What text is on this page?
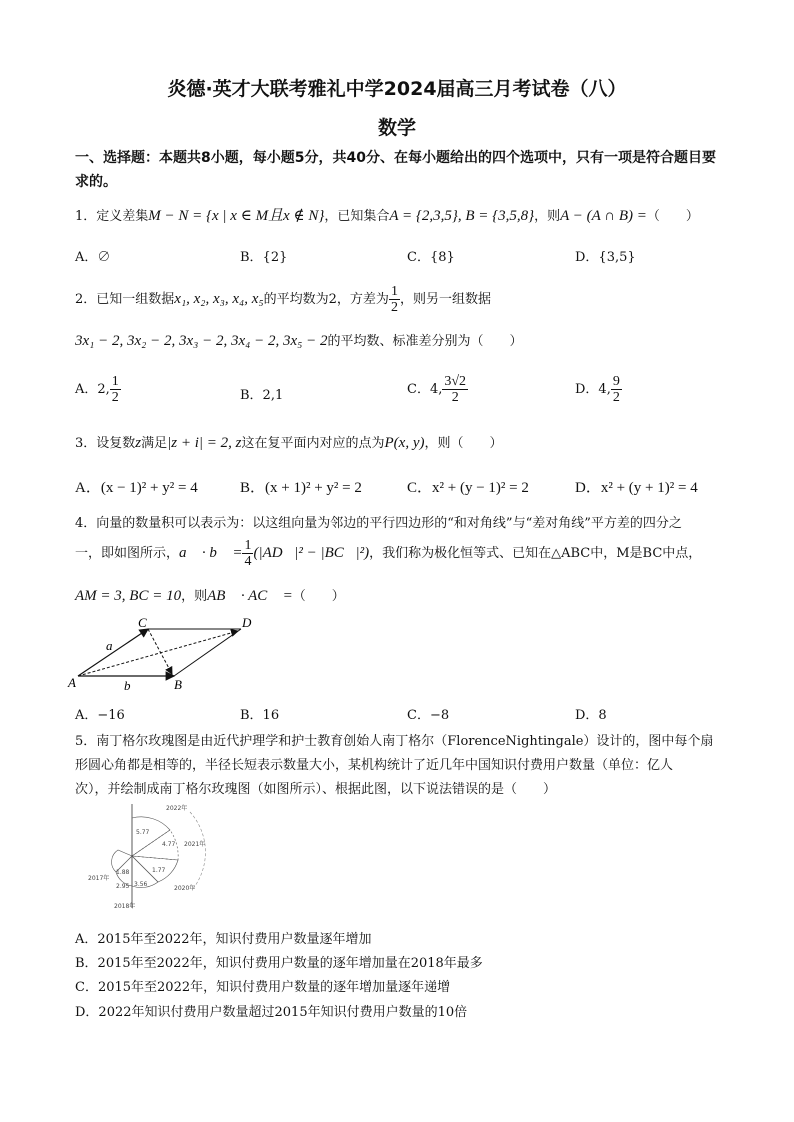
炎德·英才大联考雅礼中学2024届高三月考试卷（八）
数学
一、选择题：本题共8小题，每小题5分，共40分、在每小题给出的四个选项中，只有一项是符合题目要求的。
1．定义差集M − N = {x | x ∈ M且x ∉ N}，已知集合A = {2,3,5}, B = {3,5,8}，则A − (A ∩ B) =（　　）
A．∅	B．{2}	C．{8}	D．{3,5}
2．已知一组数据x₁, x₂, x₃, x₄, x₅的平均数为2，方差为 $\frac{1}{2}$ ，则另一组数据
3x₁ − 2, 3x₂ − 2, 3x₃ − 2, 3x₄ − 2, 3x₅ − 2的平均数、标准差分别为（　　）
A．2, $\frac{1}{2}$	B．2,1	C．4, $\frac{3√2}{2}$	D．4, $\frac{9}{2}$
3．设复数z满足|z + i| = 2, z这在复平面内对应的点为P(x, y)，则（　　）
A．(x − 1)² + y² = 4	B．(x + 1)² + y² = 2	C．x² + (y − 1)² = 2	D．x² + (y + 1)² = 4
4．向量的数量积可以表示为：以这组向量为邻边的平行四边形的“和对角线”与“差对角线”平方差的四分之
一，即如图所示，a⃗ · b⃗ = $\frac{1}{4}$ (|AD⃗|² − |BC⃗|²)，我们称为极化恒等式、已知在△ABC中，M是BC中点，
AM = 3, BC = 10，则AB⃗ · AC⃗ =（　　）
A	B
C	D
a
b
A．−16	B．16	C．−8	D．8
5．南丁格尔玫瑰图是由近代护理学和护士教育创始人南丁格尔（FlorenceNightingale）设计的，图中每个扇
形圆心角都是相等的，半径长短表示数量大小，某机构统计了近几年中国知识付费用户数量（单位：亿人
次），并绘制成南丁格尔玫瑰图（如图所示）、根据此图，以下说法错误的是（　　）
2022年
5.77
4.77 2021年
1.88
2.95 3.56
1.77
2020年
2017年
2018年
A．2015年至2022年，知识付费用户数量逐年增加
B．2015年至2022年，知识付费用户数量的逐年增加量在2018年最多
C．2015年至2022年，知识付费用户数量的逐年增加量逐年递增
D．2022年知识付费用户数量超过2015年知识付费用户数量的10倍
